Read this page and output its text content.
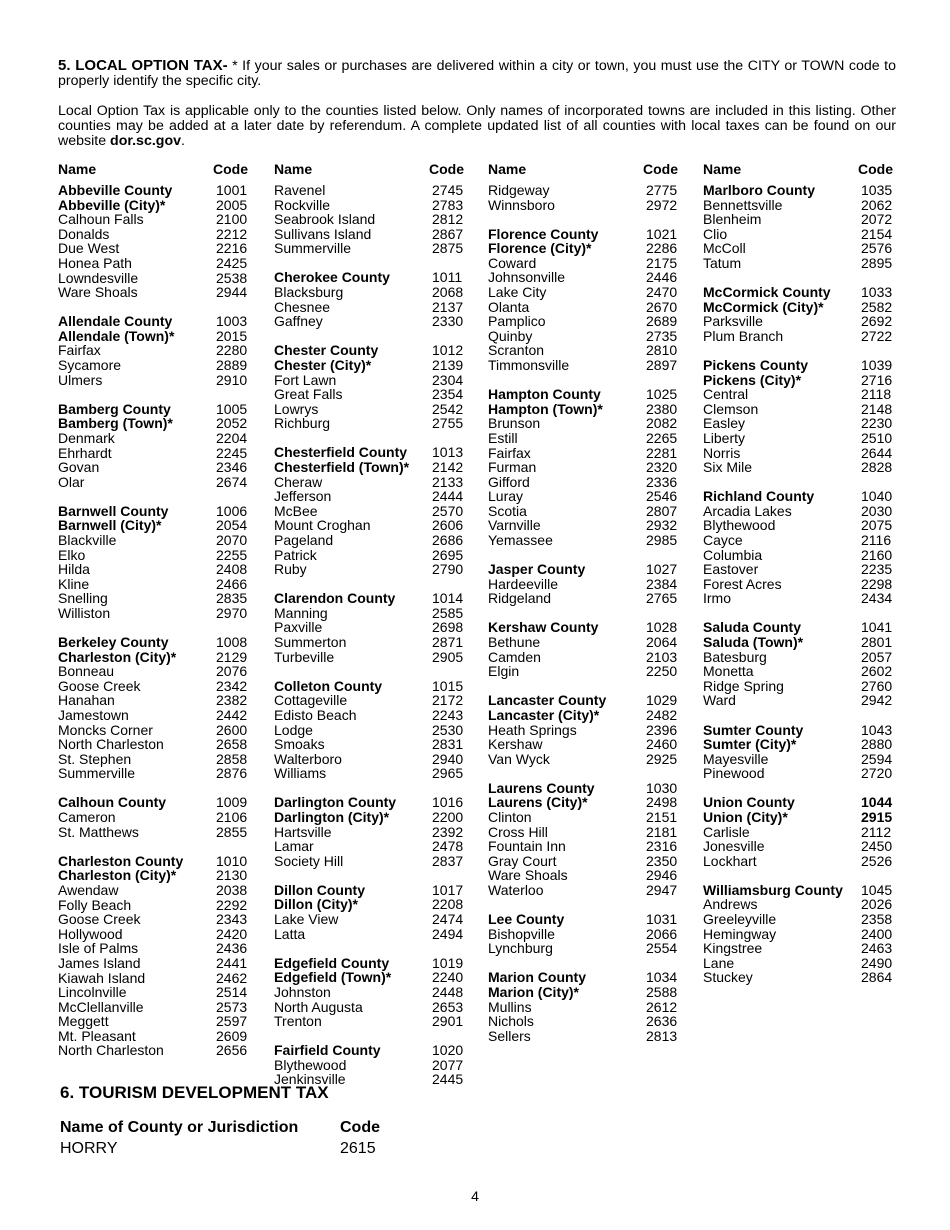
5. LOCAL OPTION TAX- * If your sales or purchases are delivered within a city or town, you must use the CITY or TOWN code to properly identify the specific city.

Local Option Tax is applicable only to the counties listed below. Only names of incorporated towns are included in this listing. Other counties may be added at a later date by referendum. A complete updated list of all counties with local taxes can be found on our website dor.sc.gov.

Name	Code
Abbeville County	1001
Abbeville (City)*	2005
Calhoun Falls	2100
Donalds	2212
Due West	2216
Honea Path	2425
Lowndesville	2538
Ware Shoals	2944
Allendale County	1003
Allendale (Town)*	2015
Fairfax	2280
Sycamore	2889
Ulmers	2910
Bamberg County	1005
Bamberg (Town)*	2052
Denmark	2204
Ehrhardt	2245
Govan	2346
Olar	2674
Barnwell County	1006
Barnwell (City)*	2054
Blackville	2070
Elko	2255
Hilda	2408
Kline	2466
Snelling	2835
Williston	2970
Berkeley County	1008
Charleston (City)*	2129
Bonneau	2076
Goose Creek	2342
Hanahan	2382
Jamestown	2442
Moncks Corner	2600
North Charleston	2658
St. Stephen	2858
Summerville	2876
Calhoun County	1009
Cameron	2106
St. Matthews	2855
Charleston County 1010
Charleston (City)*	2130
Awendaw	2038
Folly Beach	2292
Goose Creek	2343
Hollywood	2420
Isle of Palms	2436
James Island	2441
Kiawah Island	2462
Lincolnville	2514
McClellanville	2573
Meggett	2597
Mt. Pleasant	2609
North Charleston	2656
Name	Code
Ravenel	2745
Rockville	2783
Seabrook Island	2812
Sullivans Island	2867
Summerville	2875
Cherokee County	1011
Blacksburg	2068
Chesnee	2137
Gaffney	2330
Chester County	1012
Chester (City)*	2139
Fort Lawn	2304
Great Falls	2354
Lowrys	2542
Richburg	2755
Chesterfield County 1013
Chesterfield (Town)* 2142
Cheraw	2133
Jefferson	2444
McBee	2570
Mount Croghan	2606
Pageland	2686
Patrick	2695
Ruby	2790
Clarendon County	1014
Manning	2585
Paxville	2698
Summerton	2871
Turbeville	2905
Colleton County	1015
Cottageville	2172
Edisto Beach	2243
Lodge	2530
Smoaks	2831
Walterboro	2940
Williams	2965
Darlington County	1016
Darlington (City)*	2200
Hartsville	2392
Lamar	2478
Society Hill	2837
Dillon County	1017
Dillon (City)*	2208
Lake View	2474
Latta	2494
Edgefield County	1019
Edgefield (Town)*	2240
Johnston	2448
North Augusta	2653
Trenton	2901
Fairfield County	1020
Blythewood	2077
Jenkinsville	2445
Name	Code
Ridgeway	2775
Winnsboro	2972
Florence County	1021
Florence (City)*	2286
Coward	2175
Johnsonville	2446
Lake City	2470
Olanta	2670
Pamplico	2689
Quinby	2735
Scranton	2810
Timmonsville	2897
Hampton County	1025
Hampton (Town)*	2380
Brunson	2082
Estill	2265
Fairfax	2281
Furman	2320
Gifford	2336
Luray	2546
Scotia	2807
Varnville	2932
Yemassee	2985
Jasper County	1027
Hardeeville	2384
Ridgeland	2765
Kershaw County	1028
Bethune	2064
Camden	2103
Elgin	2250
Lancaster County	1029
Lancaster (City)*	2482
Heath Springs	2396
Kershaw	2460
Van Wyck	2925
Laurens County	1030
Laurens (City)*	2498
Clinton	2151
Cross Hill	2181
Fountain Inn	2316
Gray Court	2350
Ware Shoals	2946
Waterloo	2947
Lee County	1031
Bishopville	2066
Lynchburg	2554
Marion County	1034
Marion (City)*	2588
Mullins	2612
Nichols	2636
Sellers	2813
Name	Code
Marlboro County	1035
Bennettsville	2062
Blenheim	2072
Clio	2154
McColl	2576
Tatum	2895
McCormick County 1033
McCormick (City)*	2582
Parksville	2692
Plum Branch	2722
Pickens County	1039
Pickens (City)*	2716
Central	2118
Clemson	2148
Easley	2230
Liberty	2510
Norris	2644
Six Mile	2828
Richland County	1040
Arcadia Lakes	2030
Blythewood	2075
Cayce	2116
Columbia	2160
Eastover	2235
Forest Acres	2298
Irmo	2434
Saluda County	1041
Saluda (Town)*	2801
Batesburg	2057
Monetta	2602
Ridge Spring	2760
Ward	2942
Sumter County	1043
Sumter (City)*	2880
Mayesville	2594
Pinewood	2720
Union County	1044
Union (City)*	2915
Carlisle	2112
Jonesville	2450
Lockhart	2526
Williamsburg County 1045
Andrews	2026
Greeleyville	2358
Hemingway	2400
Kingstree	2463
Lane	2490
Stuckey	2864
6. TOURISM DEVELOPMENT TAX
Name of County or Jurisdiction	Code
HORRY	2615
4
